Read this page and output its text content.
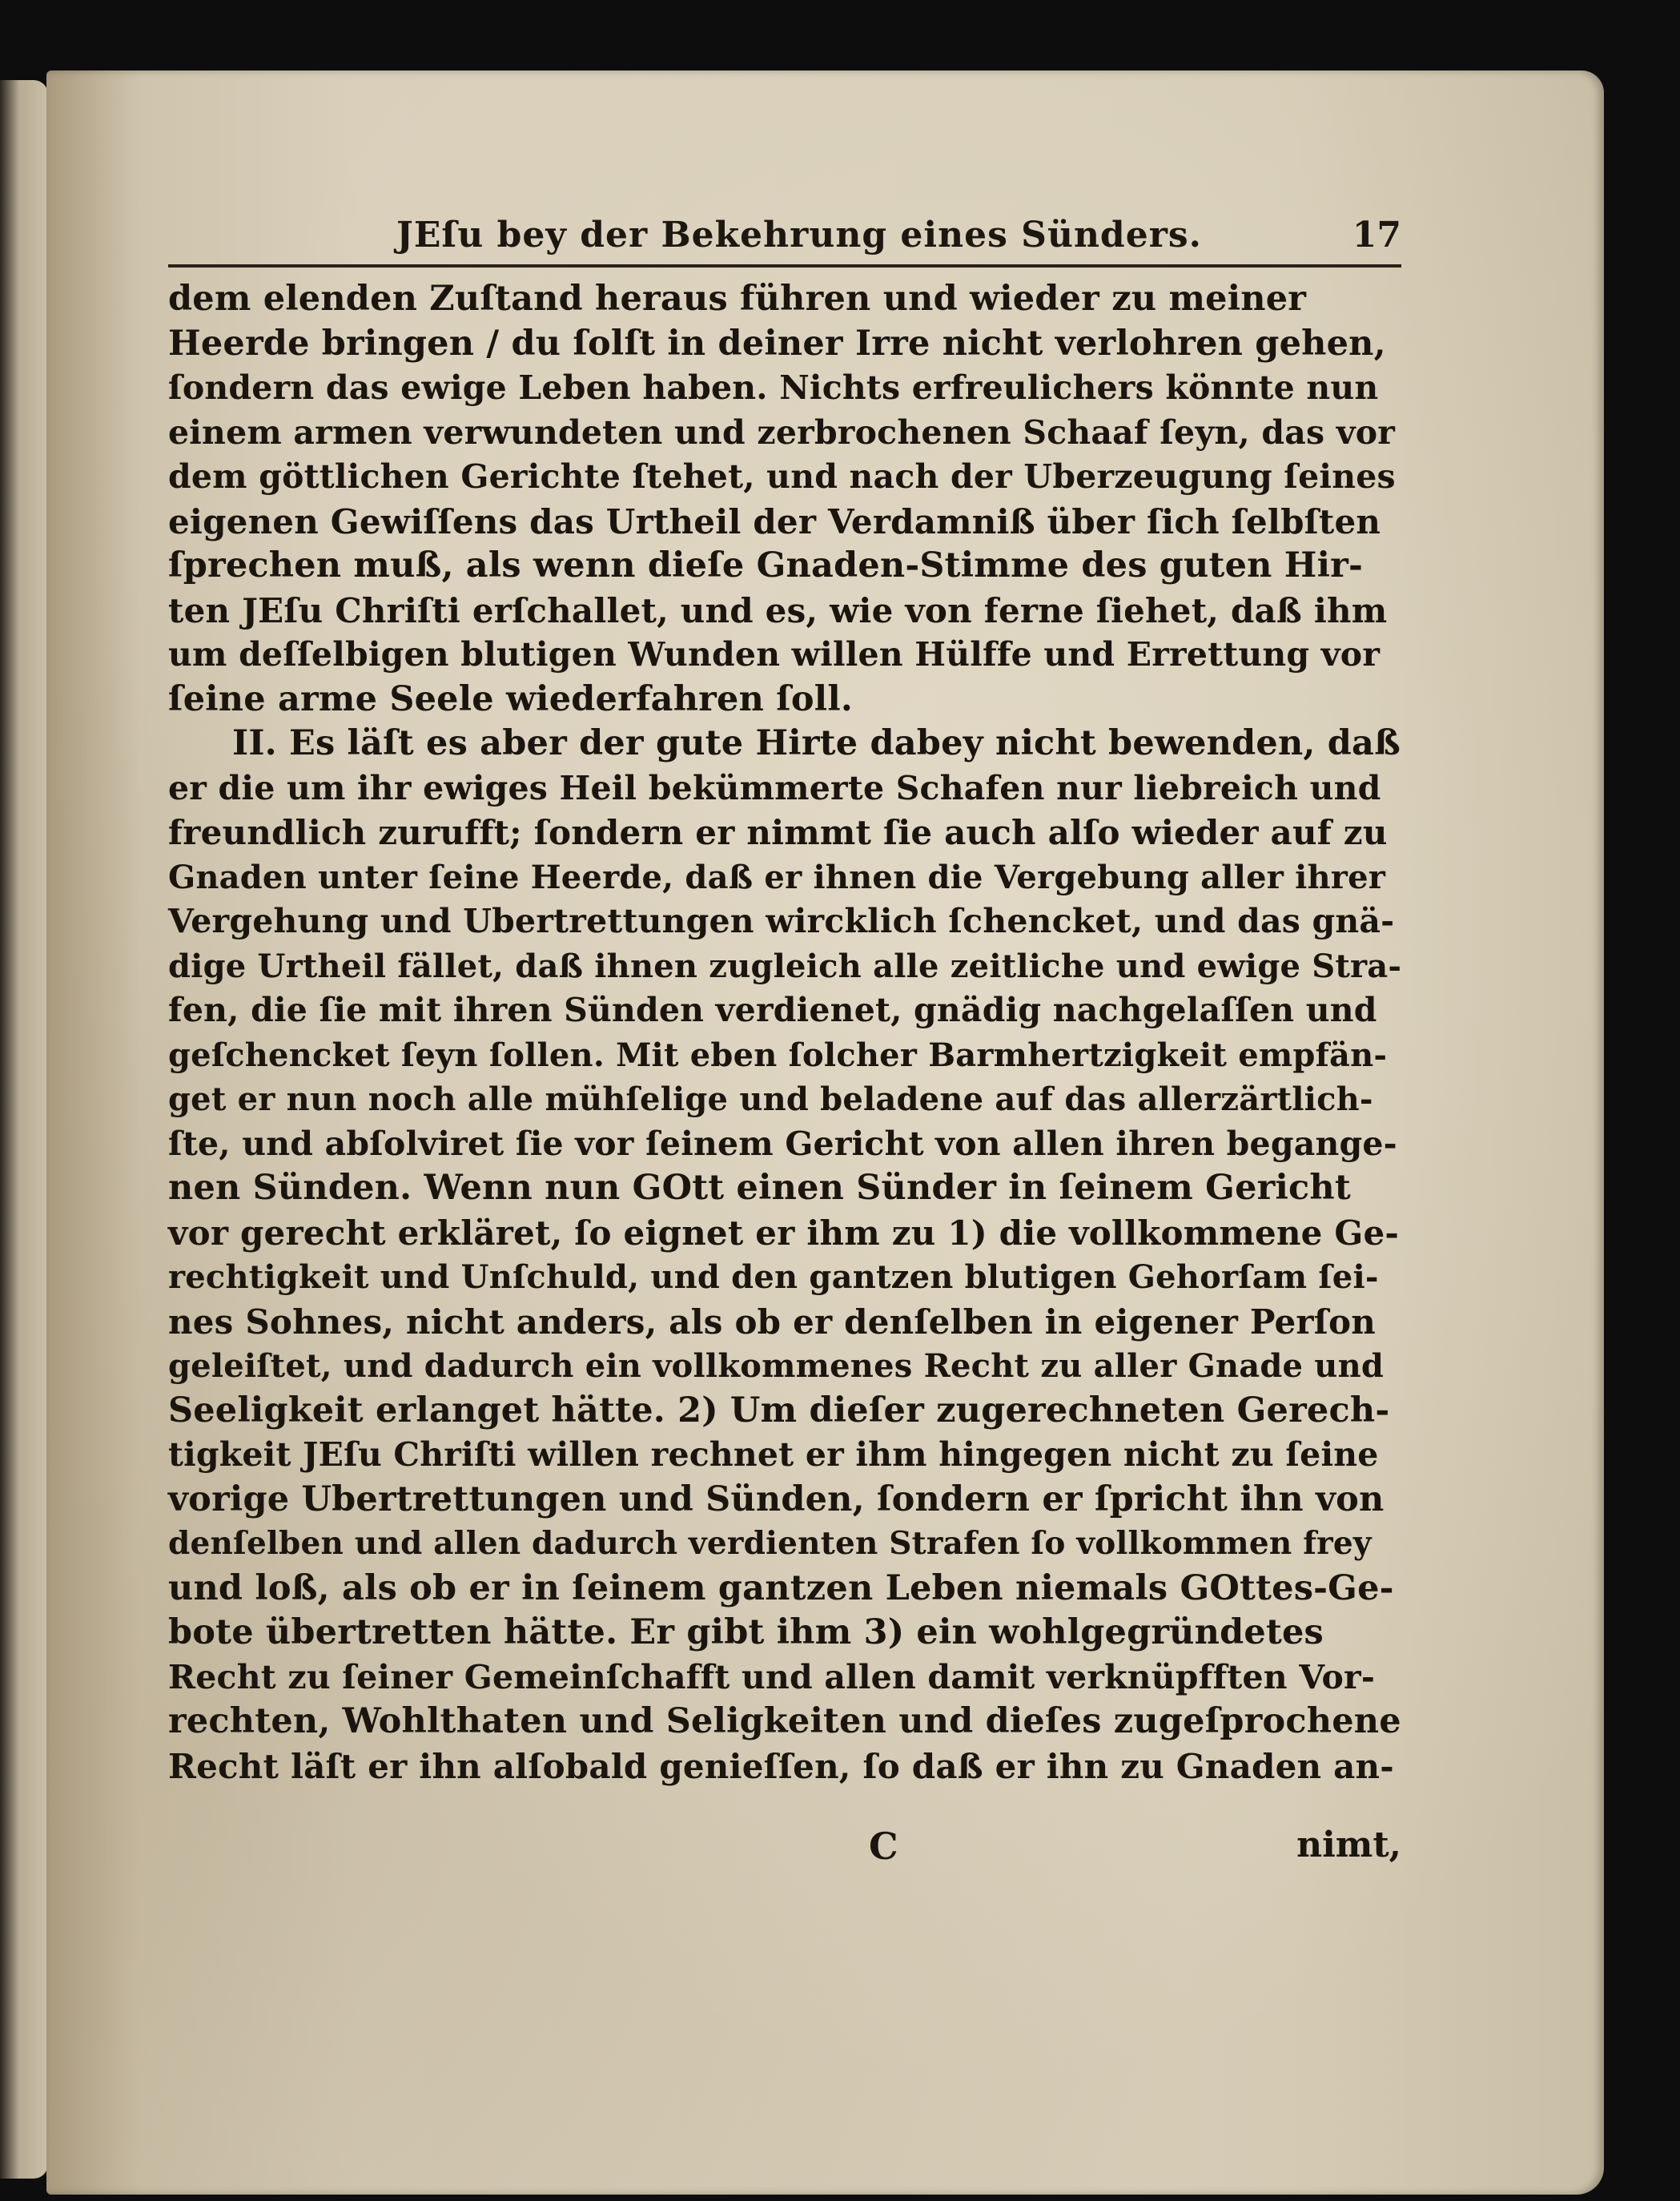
JEſu bey der Bekehrung eines Sünders.	17
dem elenden Zuſtand heraus führen und wieder zu meiner
Heerde bringen / du ſolſt in deiner Irre nicht verlohren gehen,
ſondern das ewige Leben haben. Nichts erfreulichers könnte nun
einem armen verwundeten und zerbrochenen Schaaf ſeyn, das vor
dem göttlichen Gerichte ſtehet, und nach der Uberzeugung ſeines
eigenen Gewiſſens das Urtheil der Verdamniß über ſich ſelbſten
ſprechen muß, als wenn dieſe Gnaden-Stimme des guten Hir-
ten JEſu Chriſti erſchallet, und es, wie von ferne ſiehet, daß ihm
um deſſelbigen blutigen Wunden willen Hülffe und Errettung vor
ſeine arme Seele wiederfahren ſoll.
II. Es läſt es aber der gute Hirte dabey nicht bewenden, daß
er die um ihr ewiges Heil bekümmerte Schafen nur liebreich und
freundlich zurufft; ſondern er nimmt ſie auch alſo wieder auf zu
Gnaden unter ſeine Heerde, daß er ihnen die Vergebung aller ihrer
Vergehung und Ubertrettungen wircklich ſchencket, und das gnä-
dige Urtheil fället, daß ihnen zugleich alle zeitliche und ewige Stra-
fen, die ſie mit ihren Sünden verdienet, gnädig nachgelaſſen und
geſchencket ſeyn ſollen. Mit eben ſolcher Barmhertzigkeit empfän-
get er nun noch alle mühſelige und beladene auf das allerzärtlich-
ſte, und abſolviret ſie vor ſeinem Gericht von allen ihren begange-
nen Sünden. Wenn nun GOtt einen Sünder in ſeinem Gericht
vor gerecht erkläret, ſo eignet er ihm zu 1) die vollkommene Ge-
rechtigkeit und Unſchuld, und den gantzen blutigen Gehorſam ſei-
nes Sohnes, nicht anders, als ob er denſelben in eigener Perſon
geleiſtet, und dadurch ein vollkommenes Recht zu aller Gnade und
Seeligkeit erlanget hätte. 2) Um dieſer zugerechneten Gerech-
tigkeit JEſu Chriſti willen rechnet er ihm hingegen nicht zu ſeine
vorige Ubertrettungen und Sünden, ſondern er ſpricht ihn von
denſelben und allen dadurch verdienten Strafen ſo vollkommen frey
und loß, als ob er in ſeinem gantzen Leben niemals GOttes-Ge-
bote übertretten hätte. Er gibt ihm 3) ein wohlgegründetes
Recht zu ſeiner Gemeinſchafft und allen damit verknüpfften Vor-
rechten, Wohlthaten und Seligkeiten und dieſes zugeſprochene
Recht läſt er ihn alſobald genieſſen, ſo daß er ihn zu Gnaden an-
C	nimt,
